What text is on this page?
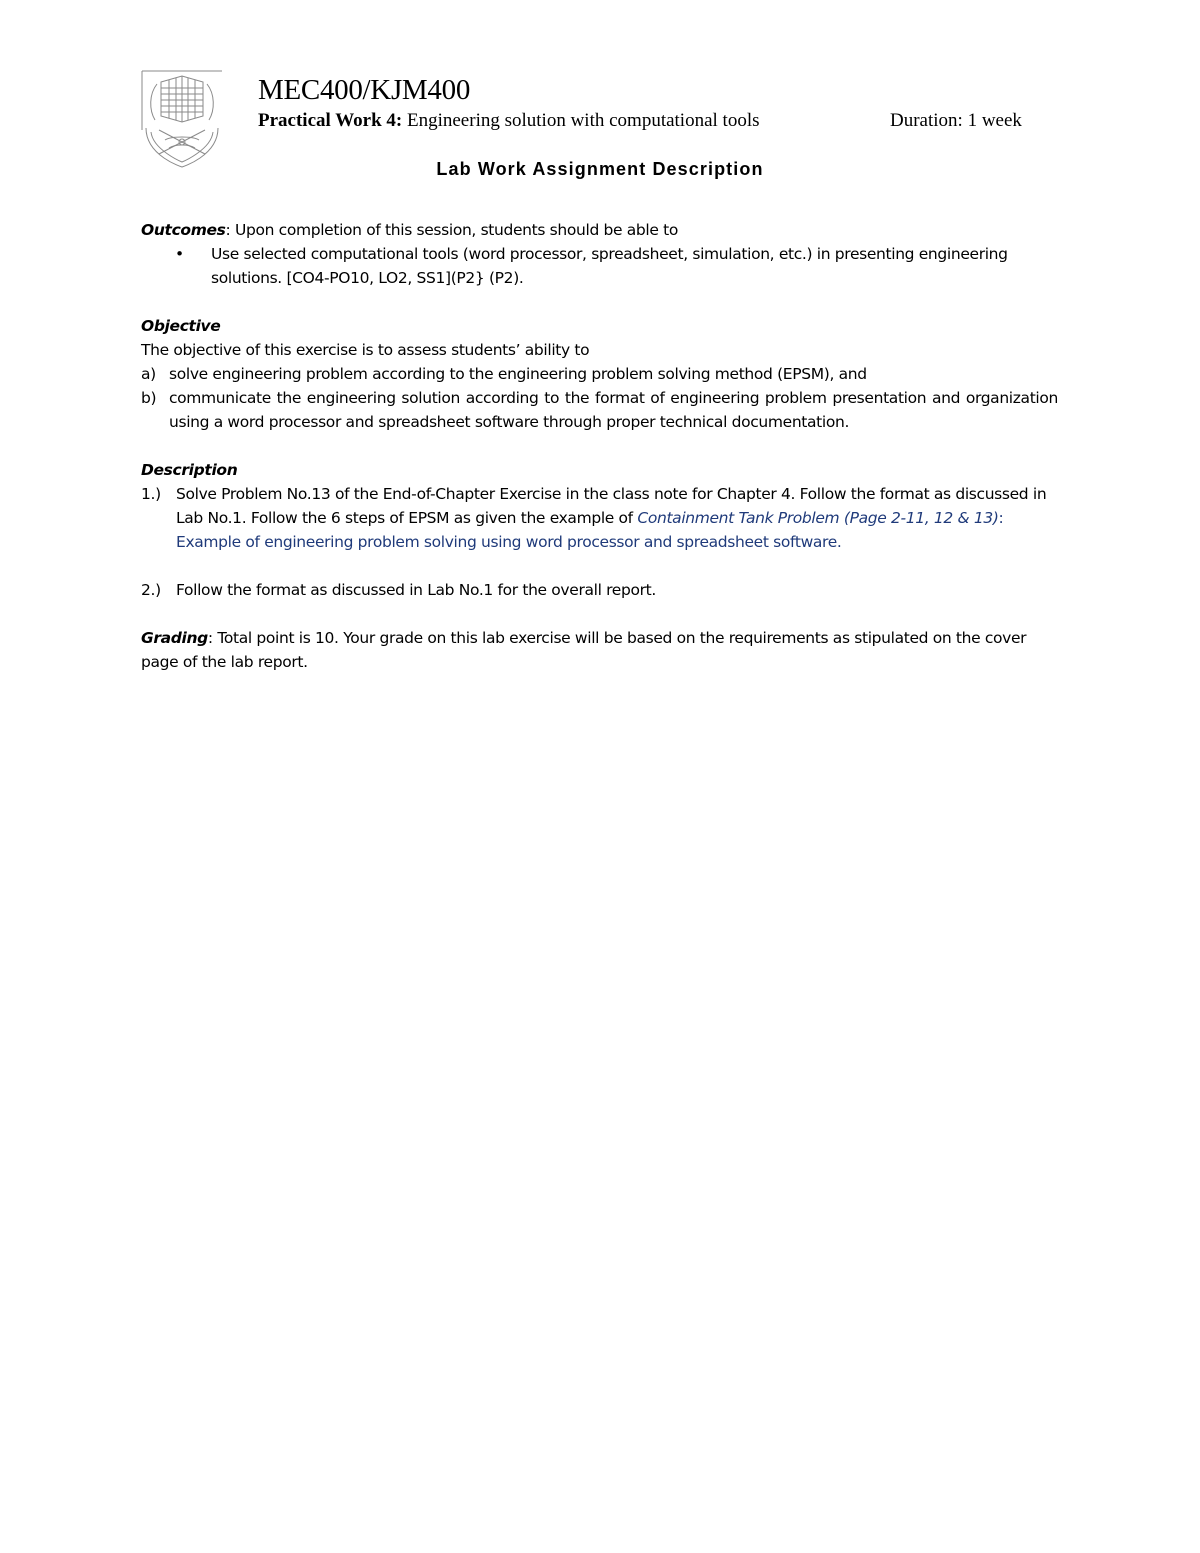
MEC400/KJM400
Practical Work 4: Engineering solution with computational tools	Duration: 1 week
Lab Work Assignment Description

Outcomes: Upon completion of this session, students should be able to

• Use selected computational tools (word processor, spreadsheet, simulation, etc.) in presenting engineering solutions. [CO4-PO10, LO2, SS1](P2} (P2).

Objective

The objective of this exercise is to assess students’ ability to

a) solve engineering problem according to the engineering problem solving method (EPSM), and
b) communicate the engineering solution according to the format of engineering problem presentation and organization using a word processor and spreadsheet software through proper technical documentation.

Description

1.) Solve Problem No.13 of the End-of-Chapter Exercise in the class note for Chapter 4. Follow the format as discussed in Lab No.1. Follow the 6 steps of EPSM as given the example of Containment Tank Problem (Page 2-11, 12 & 13): Example of engineering problem solving using word processor and spreadsheet software.
2.) Follow the format as discussed in Lab No.1 for the overall report.

Grading: Total point is 10. Your grade on this lab exercise will be based on the requirements as stipulated on the cover page of the lab report.
